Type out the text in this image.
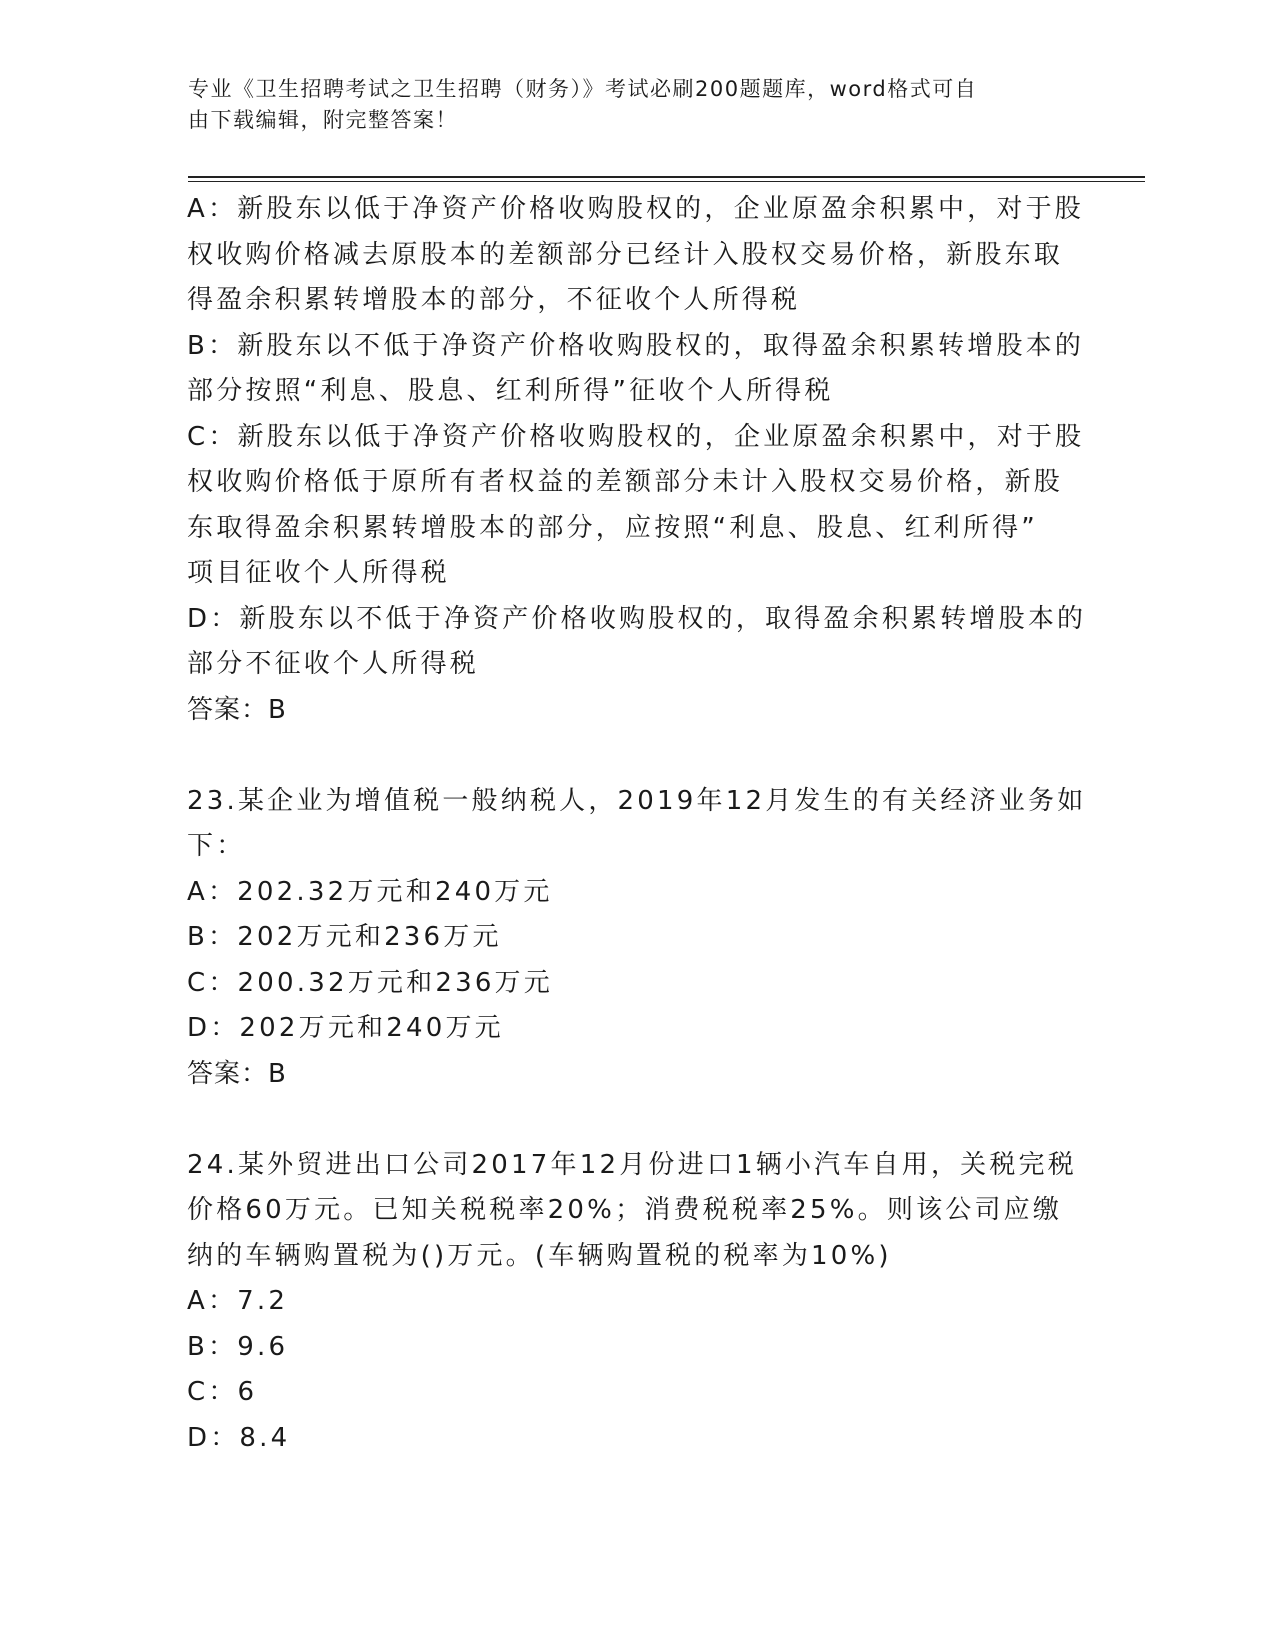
专业《卫生招聘考试之卫生招聘（财务）》考试必刷200题题库，word格式可自
由下载编辑，附完整答案！
A：新股东以低于净资产价格收购股权的，企业原盈余积累中，对于股
权收购价格减去原股本的差额部分已经计入股权交易价格，新股东取
得盈余积累转增股本的部分，不征收个人所得税
B：新股东以不低于净资产价格收购股权的，取得盈余积累转增股本的
部分按照“利息、股息、红利所得”征收个人所得税
C：新股东以低于净资产价格收购股权的，企业原盈余积累中，对于股
权收购价格低于原所有者权益的差额部分未计入股权交易价格，新股
东取得盈余积累转增股本的部分，应按照“利息、股息、红利所得”
项目征收个人所得税
D：新股东以不低于净资产价格收购股权的，取得盈余积累转增股本的
部分不征收个人所得税
答案：B
23.某企业为增值税一般纳税人，2019年12月发生的有关经济业务如
下：
A：202.32万元和240万元
B：202万元和236万元
C：200.32万元和236万元
D：202万元和240万元
答案：B
24.某外贸进出口公司2017年12月份进口1辆小汽车自用，关税完税
价格60万元。已知关税税率20%；消费税税率25%。则该公司应缴
纳的车辆购置税为()万元。(车辆购置税的税率为10%)
A：7.2
B：9.6
C：6
D：8.4
